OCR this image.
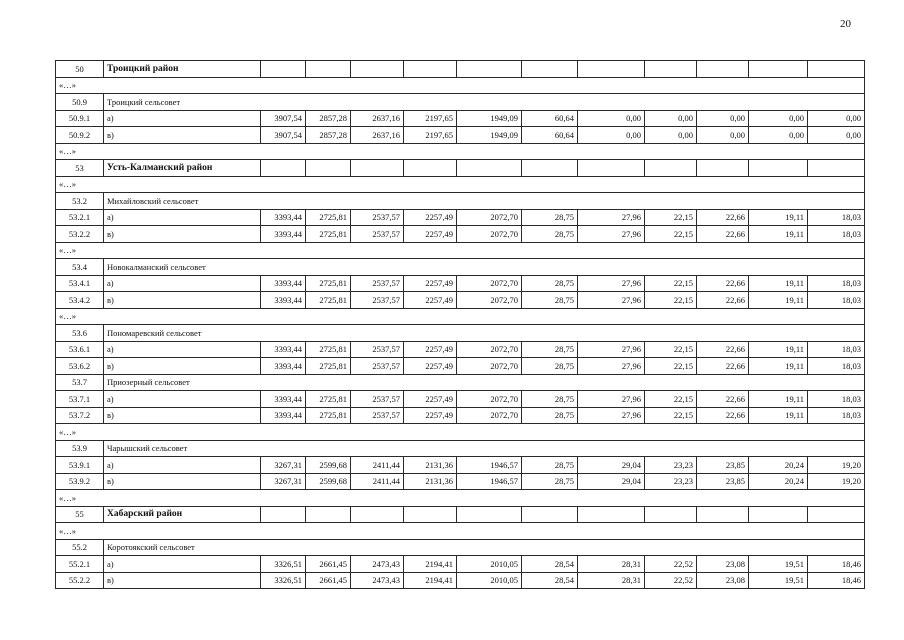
20
50	Троицкий район											
«…»												
50.9	Троицкий сельсовет											
50.9.1	а)	3907,54	2857,28	2637,16	2197,65	1949,09	60,64	0,00	0,00	0,00	0,00	0,00
50.9.2	в)	3907,54	2857,28	2637,16	2197,65	1949,09	60,64	0,00	0,00	0,00	0,00	0,00
«…»												
53	Усть-Калманский район											
«…»												
53.2	Михайловский сельсовет											
53.2.1	а)	3393,44	2725,81	2537,57	2257,49	2072,70	28,75	27,96	22,15	22,66	19,11	18,03
53.2.2	в)	3393,44	2725,81	2537,57	2257,49	2072,70	28,75	27,96	22,15	22,66	19,11	18,03
«…»												
53.4	Новокалманский сельсовет											
53.4.1	а)	3393,44	2725,81	2537,57	2257,49	2072,70	28,75	27,96	22,15	22,66	19,11	18,03
53.4.2	в)	3393,44	2725,81	2537,57	2257,49	2072,70	28,75	27,96	22,15	22,66	19,11	18,03
«…»												
53.6	Пономаревский сельсовет											
53.6.1	а)	3393,44	2725,81	2537,57	2257,49	2072,70	28,75	27,96	22,15	22,66	19,11	18,03
53.6.2	в)	3393,44	2725,81	2537,57	2257,49	2072,70	28,75	27,96	22,15	22,66	19,11	18,03
53.7	Приозерный сельсовет											
53.7.1	а)	3393,44	2725,81	2537,57	2257,49	2072,70	28,75	27,96	22,15	22,66	19,11	18,03
53.7.2	в)	3393,44	2725,81	2537,57	2257,49	2072,70	28,75	27,96	22,15	22,66	19,11	18,03
«…»												
53.9	Чарышский сельсовет											
53.9.1	а)	3267,31	2599,68	2411,44	2131,36	1946,57	28,75	29,04	23,23	23,85	20,24	19,20
53.9.2	в)	3267,31	2599,68	2411,44	2131,36	1946,57	28,75	29,04	23,23	23,85	20,24	19,20
«…»												
55	Хабарский район											
«…»												
55.2	Коротоякский сельсовет											
55.2.1	а)	3326,51	2661,45	2473,43	2194,41	2010,05	28,54	28,31	22,52	23,08	19,51	18,46
55.2.2	в)	3326,51	2661,45	2473,43	2194,41	2010,05	28,54	28,31	22,52	23,08	19,51	18,46
